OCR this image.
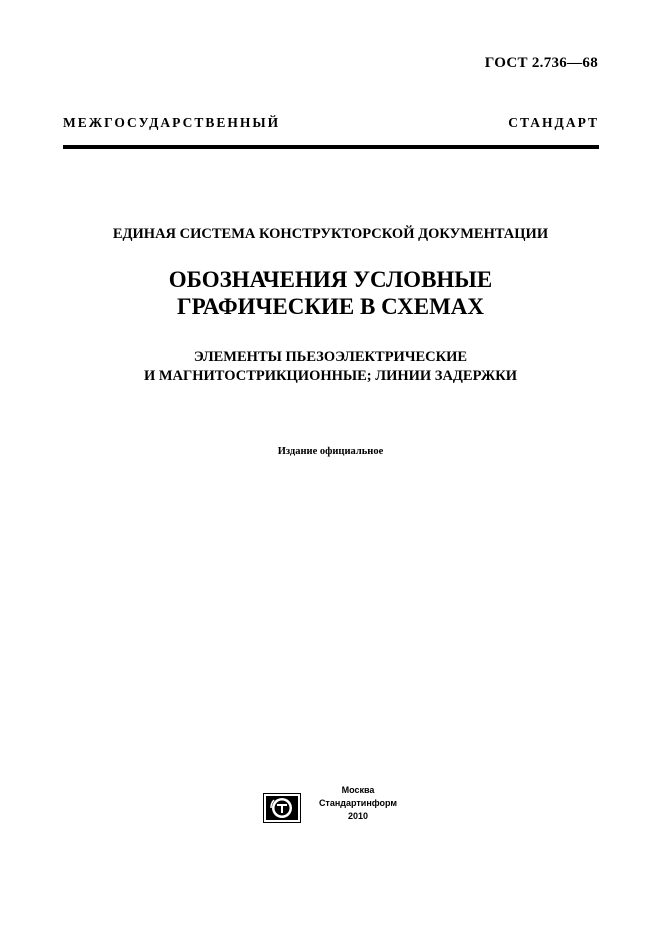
ГОСТ 2.736—68
МЕЖГОСУДАРСТВЕННЫЙ СТАНДАРТ
ЕДИНАЯ СИСТЕМА КОНСТРУКТОРСКОЙ ДОКУМЕНТАЦИИ
ОБОЗНАЧЕНИЯ УСЛОВНЫЕ
ГРАФИЧЕСКИЕ В СХЕМАХ
ЭЛЕМЕНТЫ ПЬЕЗОЭЛЕКТРИЧЕСКИЕ
И МАГНИТОСТРИКЦИОННЫЕ; ЛИНИИ ЗАДЕРЖКИ
Издание официальное
Москва
Стандартинформ
2010
